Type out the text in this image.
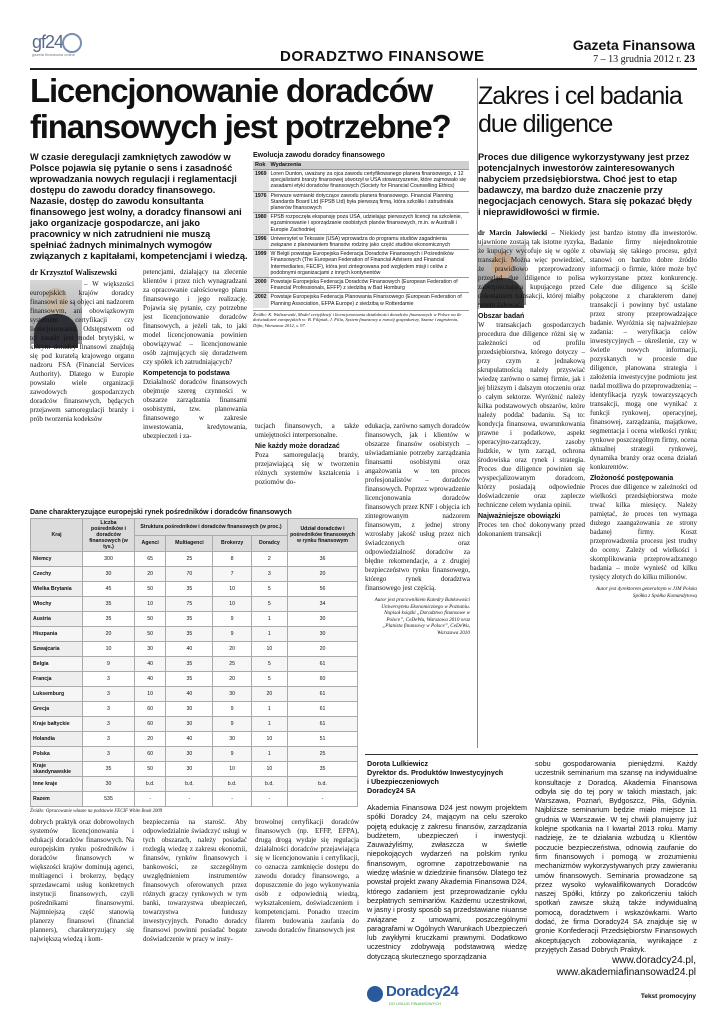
gf24
gazeta finansowa online	DORADZTWO FINANSOWE
Gazeta Finansowa
7 – 13 grudnia 2012 r. 23
Licencjonowanie doradców
finansowych jest potrzebne?
W czasie deregulacji zamkniętych zawodów w Polsce pojawia się pytanie o sens i zasadność wprowadzania nowych regulacji i reglamentacji dostępu do zawodu doradcy finansowego. Nazasie, dostęp do zawodu konsultanta finansowego jest wolny, a doradcy finansowi ani jako organizacje gospodarcze, ani jako pracownicy w nich zatrudnieni nie muszą spełniać żadnych minimalnych wymogów związanych z kapitałami, kompetencjami i wiedzą.
dr Krzysztof Waliszewski
– W większości europejskich krajów doradcy finansowi nie są objęci ani nadzorem finansowym, ani obowiązkowym systemem certyfikacji czy licencjonowania. Odstępstwem od tej zasady jest model brytyjski, w którym doradcy finansowi znajdują się pod kuratelą krajowego organu nadzoru FSA (Financial Services Authority). Dlatego w Europie powstało wiele organizacji zawodowych gospodarczych doradców finansowych, będących przejawem samoregulacji branży i prób tworzenia kodeksów

petencjami, działający na zlecenie klientów i przez nich wynagradzani za opracowanie całościowego planu finansowego i jego realizację. Pojawia się pytanie, czy potrzebne jest licencjonowanie doradców finansowych, a jeżeli tak, to jaki model licencjonowania powinien obowiązywać – licencjonowanie osób zajmujących się doradztwem czy spółek ich zatrudniających?

Kompetencja to podstawa

Działalność doradców finansowych obejmuje szereg czynności w obszarze zarządzania finansami osobistymi, tzw. planowania finansowego w zakresie inwestowania, kredytowania, ubezpieczeń i za-

Ewolucja zawodu doradcy finansowego
Rok	Wydarzenia
1969	Loren Dunton, uważany za ojca zawodu certyfikowanego planera finansowego, z 12 specjalistami branży finansowej utworzył w USA stowarzyszenie, które zajmowało się zasadami etyki doradców finansowych (Society for Financial Counselling Ethics)
1976	Pierwsze wzmianki dotyczące zawodu planera finansowego. Financial Planning Standards Board Ltd (FPSB Ltd) była pierwszą firmą, która szkoliła i zatrudniała planerów finansowych
1980	FPSB rozpoczęła ekspansję poza USA, udzielając pierwszych licencji na szkolenie, egzaminowanie i sporządzanie osobistych planów finansowych, m.in. w Australii i Europie Zachodniej
1996	Uniwersytet w Teksasie (USA) wprowadza do programu studiów zagadnienia związane z planowaniem finansów rodziny jako część studiów ekonomicznych
1999	W Belgii powstaje Europejska Federacja Doradców Finansowych i Pośredników Finansowych (The European Federation of Financial Advisers and Financial Intermediaries, FECIF), która jest zintegrowana pod względem misji i celów z podobnymi organizacjami z innych kontynentów
2000	Powstaje Europejska Federacja Doradców Finansowych (European Federation of Financial Professionals, EFFP) z siedzibą w Bad Homburg
2002	Powstaje Europejska Federacja Planowania Finansowego (European Federation of Planning Association, EFPA Europe) z siedzibą w Rotterdamie
Źródło: K. Waliszewski, Model certyfikacji i licencjonowania działalności doradców finansowych w Polsce na tle doświadczeń europejskich w: B. Filipiak, J. Filia, System finansowy a rozwój gospodarczy. Szanse i zagrożenia, Difin, Warszawa 2012, s. 97.

tucjach finansowych, a także umiejętności interpersonalne.

Nie każdy może doradzać

Poza samoregulacją branży, przejawiającą się w tworzeniu różnych systemów kształcenia i poziomów do-

edukacja, zarówno samych doradców finansowych, jak i klientów w obszarze finansów osobistych – uświadamianie potrzeby zarządzania finansami osobistymi oraz angażowania w ten proces profesjonalistów – doradców finansowych. Poprzez wprowadzenie licencjonowania doradców finansowych przez KNF i objęcia ich zintegrowanym nadzorem finansowym, z jednej strony wzrosłaby jakość usług przez nich świadczonych oraz odpowiedzialność doradców za błędne rekomendacje, a z drugiej bezpieczeństwo rynku finansowego, którego rynek doradztwa finansowego jest częścią.

Autor jest pracownikiem Katedry Bankowości Uniwersytetu Ekonomicznego w Poznaniu. Napisał książki „Doradztwo finansowe w Polsce”, CeDeWu, Warszawa 2010 oraz „Planista finansowy w Polsce”, CeDeWu, Warszawa 2010

Dane charakteryzujące europejski rynek pośredników i doradców finansowych
Kraj	Liczba pośredników i doradców finansowych (w tys.)	Struktura pośredników i doradców finansowych (w proc.)				Udział doradców i pośredników finansowych w rynku finansowym
		Agenci	Multiagenci	Brokerzy	Doradcy	
Niemcy	300	65	25	8	2	36
Czechy	30	20	70	7	3	20
Wielka Brytania	45	50	35	10	5	56
Włochy	35	10	75	10	5	34
Austria	35	50	35	9	1	30
Hiszpania	20	50	35	9	1	30
Szwajcaria	10	30	40	20	10	20
Belgia	9	40	35	25	5	61
Francja	3	40	35	20	5	60
Luksemburg	3	10	40	30	20	61
Grecja	3	60	30	9	1	61
Kraje bałtyckie	3	60	30	9	1	61
Holandia	3	20	40	30	10	51
Polska	3	60	30	9	1	25
Kraje skandynawskie	35	50	30	10	10	35
Inne kraje	30	b.d.	b.d.	b.d.	b.d.	b.d.
Razem	535	-	-	-	-	-
Źródło: Opracowanie własne na podstawie FECIF White Book 2009
dobrych praktyk oraz dobrowolnych systemów licencjonowania i edukacji doradców finansowych. Na europejskim rynku pośredników i doradców finansowych w większości krajów dominują agenci, multiagenci i brokerzy, będący sprzedawcami usług konkretnych instytucji finansowych, czyli pośrednikami finansowymi. Najmniejszą część stanowią planerzy finansowi (financial planners), charakteryzujący się największą wiedzą i kom-
bezpieczenia na starość. Aby odpowiedzialnie świadczyć usługi w tych obszarach, należy posiadać rozległą wiedzę z zakresu ekonomii, finansów, rynków finansowych i bankowości, ze szczególnym uwzględnieniem instrumentów finansowych oferowanych przez różnych graczy rynkowych w tym banki, towarzystwa ubezpieczeń, towarzystwa funduszy inwestycyjnych. Ponadto doradcy finansowi powinni posiadać bogate doświadczenie w pracy w insty-
browolnej certyfikacji doradców finansowych (np. EFFP, EFPA), drugą drogą wydaje się regulacja działalności doradców przejawiająca się w licencjonowaniu i certyfikacji, co oznacza zamknięcie dostępu do zawodu doradcy finansowego, a dopuszczenie do jego wykonywania osób z odpowiednią wiedzą, wykształceniem, doświadczeniem i kompetencjami. Ponadto trzecim filarem budowania zaufania do zawodu doradców finansowych jest
Zakres i cel badania
due diligence
Proces due diligence wykorzystywany jest przez potencjalnych inwestorów zainteresowanych nabyciem przedsiębiorstwa. Choć jest to etap badawczy, ma bardzo duże znaczenie przy negocjacjach cenowych. Stara się pokazać błędy i nieprawidłowości w firmie.

dr Marcin Jałowiecki – Niekiedy ujawnione zostają tak istotne ryzyka, że kupujący wycofuje się w ogóle z transakcji. Można więc powiedzieć, że prawidłowo przeprowadzony przegląd due diligence to polisa zabezpieczająca kupującego przed dokonaniem transakcji, której miałby potem żałować.

Obszar badań

W transakcjach gospodarczych procedura due diligence różni się w zależności od profilu przedsiębiorstwa, którego dotyczy – przy czym z jednakową skrupulatnością należy przyswiać wiedzę zarówno o samej firmie, jak i jej bliższym i dalszym otoczeniu oraz o całym sektorze. Wyróżnić należy kilka podstawowych obszarów, które należy poddać badaniu. Są to: kondycja finansowa, uwarunkowania prawne i podatkowe, aspekt operacyjno-zarządczy, zasoby ludzkie, w tym zarząd, ochrona środowiska oraz rynek i strategia. Proces due diligence powinien się wyspecjalizowanym doradcom, którzy posiadają odpowiednie doświadczenie oraz zaplecze techniczne celem wydania opinii.

Najważniejsze obowiązki

Proces ten choć dokonywany przed dokonaniem transakcji

jest bardzo istotny dla inwestorów. Badanie firmy niejednokrotnie obawiają się takiego procesu, gdyż stanowi on bardzo dobre źródło informacji o firmie, które może być wykorzystane przez konkurencję. Cele due diligence są ściśle połączone z charakterem danej transakcji i powinny być ustalane przez strony przeprowadzające badanie. Wyróżnia się najważniejsze zadania: – weryfikacja celów inwestycyjnych – określenie, czy w świetle nowych informacji, pozyskanych w procesie due diligence, planowana strategia i założenia inwestycyjne podmiotu jest nadal możliwa do przeprowadzenia; – identyfikacja ryzyk towarzyszących transakcji, mogą one wynikać z funkcji rynkowej, operacyjnej, finansowej, zarządzania, majątkowe, segmentacja i ocena wielkości rynku; rynkowe poszczególnym firmy, ocena aktualnej strategii rynkowej, dynamika branży oraz ocena działań konkurentów.

Złożoność postępowania

Proces due diligence w zależności od wielkości przedsiębiorstwa może trwać kilka miesięcy. Należy pamiętać, że proces ten wymaga dużego zaangażowania ze strony badanej firmy. Koszt przeprowadzenia procesu jest trudny do oceny. Zależy od wielkości i skomplikowania przeprowadzanego badania – może wynieść od kilku tysięcy złotych do kilku milionów.

Autor jest dyrektorem generalnym w JJM Polska Spółka z Spółka Komandytową

Dorota Lulkiewicz
Dyrektor ds. Produktów Inwestycyjnych
i Ubezpieczeniowych
Doradcy24 SA
Akademia Finansowa D24 jest nowym projektem spółki Doradcy 24, mającym na celu szeroko pojętą edukację z zakresu finansów, zarządzania budżetem, ubezpieczeń i inwestycji. Zauważyliśmy, zwłaszcza w świetle niepokojących wydarzeń na polskim rynku finansowym, ogromne zapotrzebowanie na wiedzę właśnie w dziedzinie finansów. Dlatego też powstał projekt zwany Akademia Finansowa D24, którego zadaniem jest przeprowadzanie cyklu bezpłatnych seminariów. Każdemu uczestnikowi, w jasny i prosty sposób są przedstawiane niuanse związane z umowami, poszczególnymi paragrafami w Ogólnych Warunkach Ubezpieczeń lub zwykłymi kruczkami prawnymi. Dodatkowo uczestnicy zdobywają podstawową wiedzę dotyczącą skutecznego sporządzania
sobu gospodarowania pieniędzmi. Każdy uczestnik seminarium ma szansę na indywidualne konsultacje z Doradcą. Akademia Finansowa odbyła się do tej pory w takich miastach, jak: Warszawa, Poznań, Bydgoszcz, Piła, Gdynia. Najbliższe seminarium będzie miało miejsce 11 grudnia w Warszawie. W tej chwili planujemy już kolejne spotkania na I kwartał 2013 roku. Mamy nadzieję, że te działania wzbudzą u Klientów poczucie bezpieczeństwa, odnowią zaufanie do firm finansowych i pomogą w zrozumieniu mechanizmów wykorzystywanych przy zawieraniu umów finansowych. Seminaria prowadzone są przez wysoko wykwalifikowanych Doradców naszej Spółki, którzy po zakończeniu takich spotkań zawsze służą także indywidualną pomocą, doradztwem i wskazówkami. Warto dodać, że firma Doradcy24 SA znajduje się w gronie Konfederacji Przedsiębiorstw Finansowych akceptujących zobowiązania, wynikające z przyjętych Zasad Dobrych Praktyk.
Doradcy24
DO USŁUG FINANSOWYCH
www.doradcy24.pl,
www.akademiafinansowad24.pl
Tekst promocyjny
